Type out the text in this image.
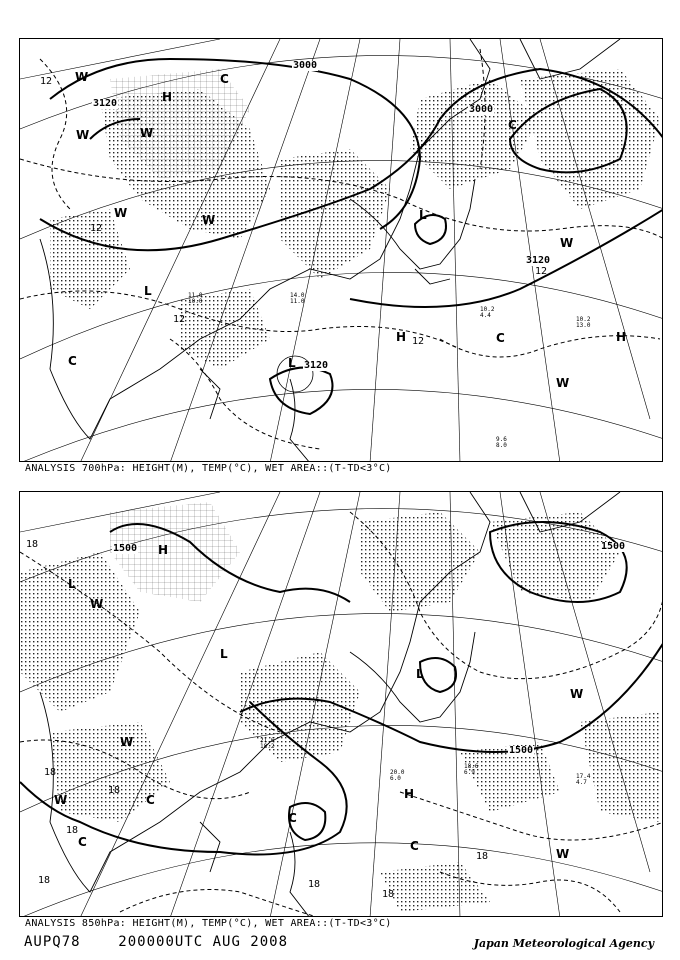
3000
3000
3120
3120
3120
12
12
12
12
12
H
H	H
L
L
L
C
C
C
C
W
W	W
W	W
W
W
10.2
13.0
10.2
4.4
9.6
8.0
14.0
11.0
11.0
10.0
ANALYSIS 700hPa: HEIGHT(M), TEMP(°C), WET AREA::(T-TD<3°C)
1500
1500
1500
18
18
18
18
18	18
18
18
H
H
L
L
L
C
C	C
C
W
W
W
W
W
17.4
4.7
18.6
6.9
20.0
6.0
21.6
18.2
ANALYSIS 850hPa: HEIGHT(M), TEMP(°C), WET AREA::(T-TD<3°C)
AUPQ78	200000UTC AUG 2008	Japan Meteorological Agency
